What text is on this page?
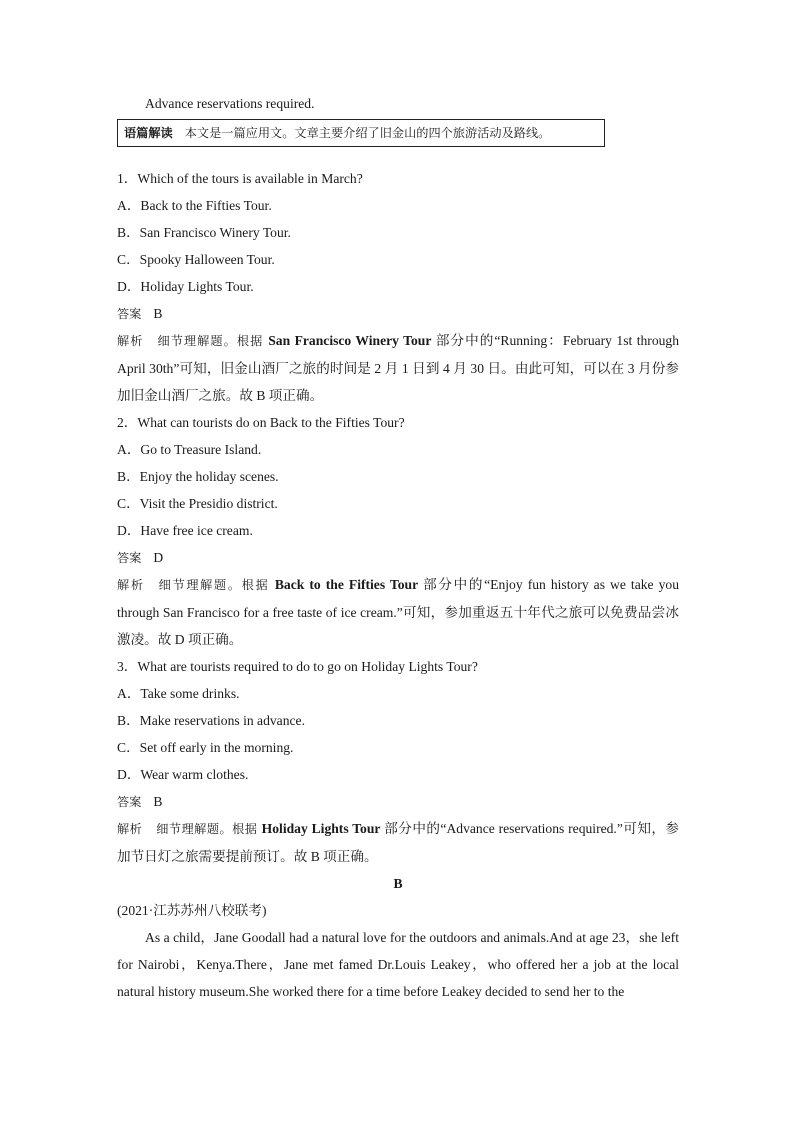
Advance reservations required.
语篇解读 本文是一篇应用文。文章主要介绍了旧金山的四个旅游活动及路线。
1．Which of the tours is available in March?
A．Back to the Fifties Tour.
B．San Francisco Winery Tour.
C．Spooky Halloween Tour.
D．Holiday Lights Tour.
答案 B
解析 细节理解题。根据 San Francisco Winery Tour 部分中的“Running：February 1st through April 30th”可知，旧金山酒厂之旅的时间是 2 月 1 日到 4 月 30 日。由此可知，可以在 3 月份参加旧金山酒厂之旅。故 B 项正确。
2．What can tourists do on Back to the Fifties Tour?
A．Go to Treasure Island.
B．Enjoy the holiday scenes.
C．Visit the Presidio district.
D．Have free ice cream.
答案 D
解析 细节理解题。根据 Back to the Fifties Tour 部分中的“Enjoy fun history as we take you through San Francisco for a free taste of ice cream.”可知，参加重返五十年代之旅可以免费品尝冰激凌。故 D 项正确。
3．What are tourists required to do to go on Holiday Lights Tour?
A．Take some drinks.
B．Make reservations in advance.
C．Set off early in the morning.
D．Wear warm clothes.
答案 B
解析 细节理解题。根据 Holiday Lights Tour 部分中的“Advance reservations required.”可知，参加节日灯之旅需要提前预订。故 B 项正确。
B
(2021·江苏苏州八校联考)
As a child，Jane Goodall had a natural love for the outdoors and animals.And at age 23，she left for Nairobi，Kenya.There，Jane met famed Dr.Louis Leakey，who offered her a job at the local natural history museum.She worked there for a time before Leakey decided to send her to the
